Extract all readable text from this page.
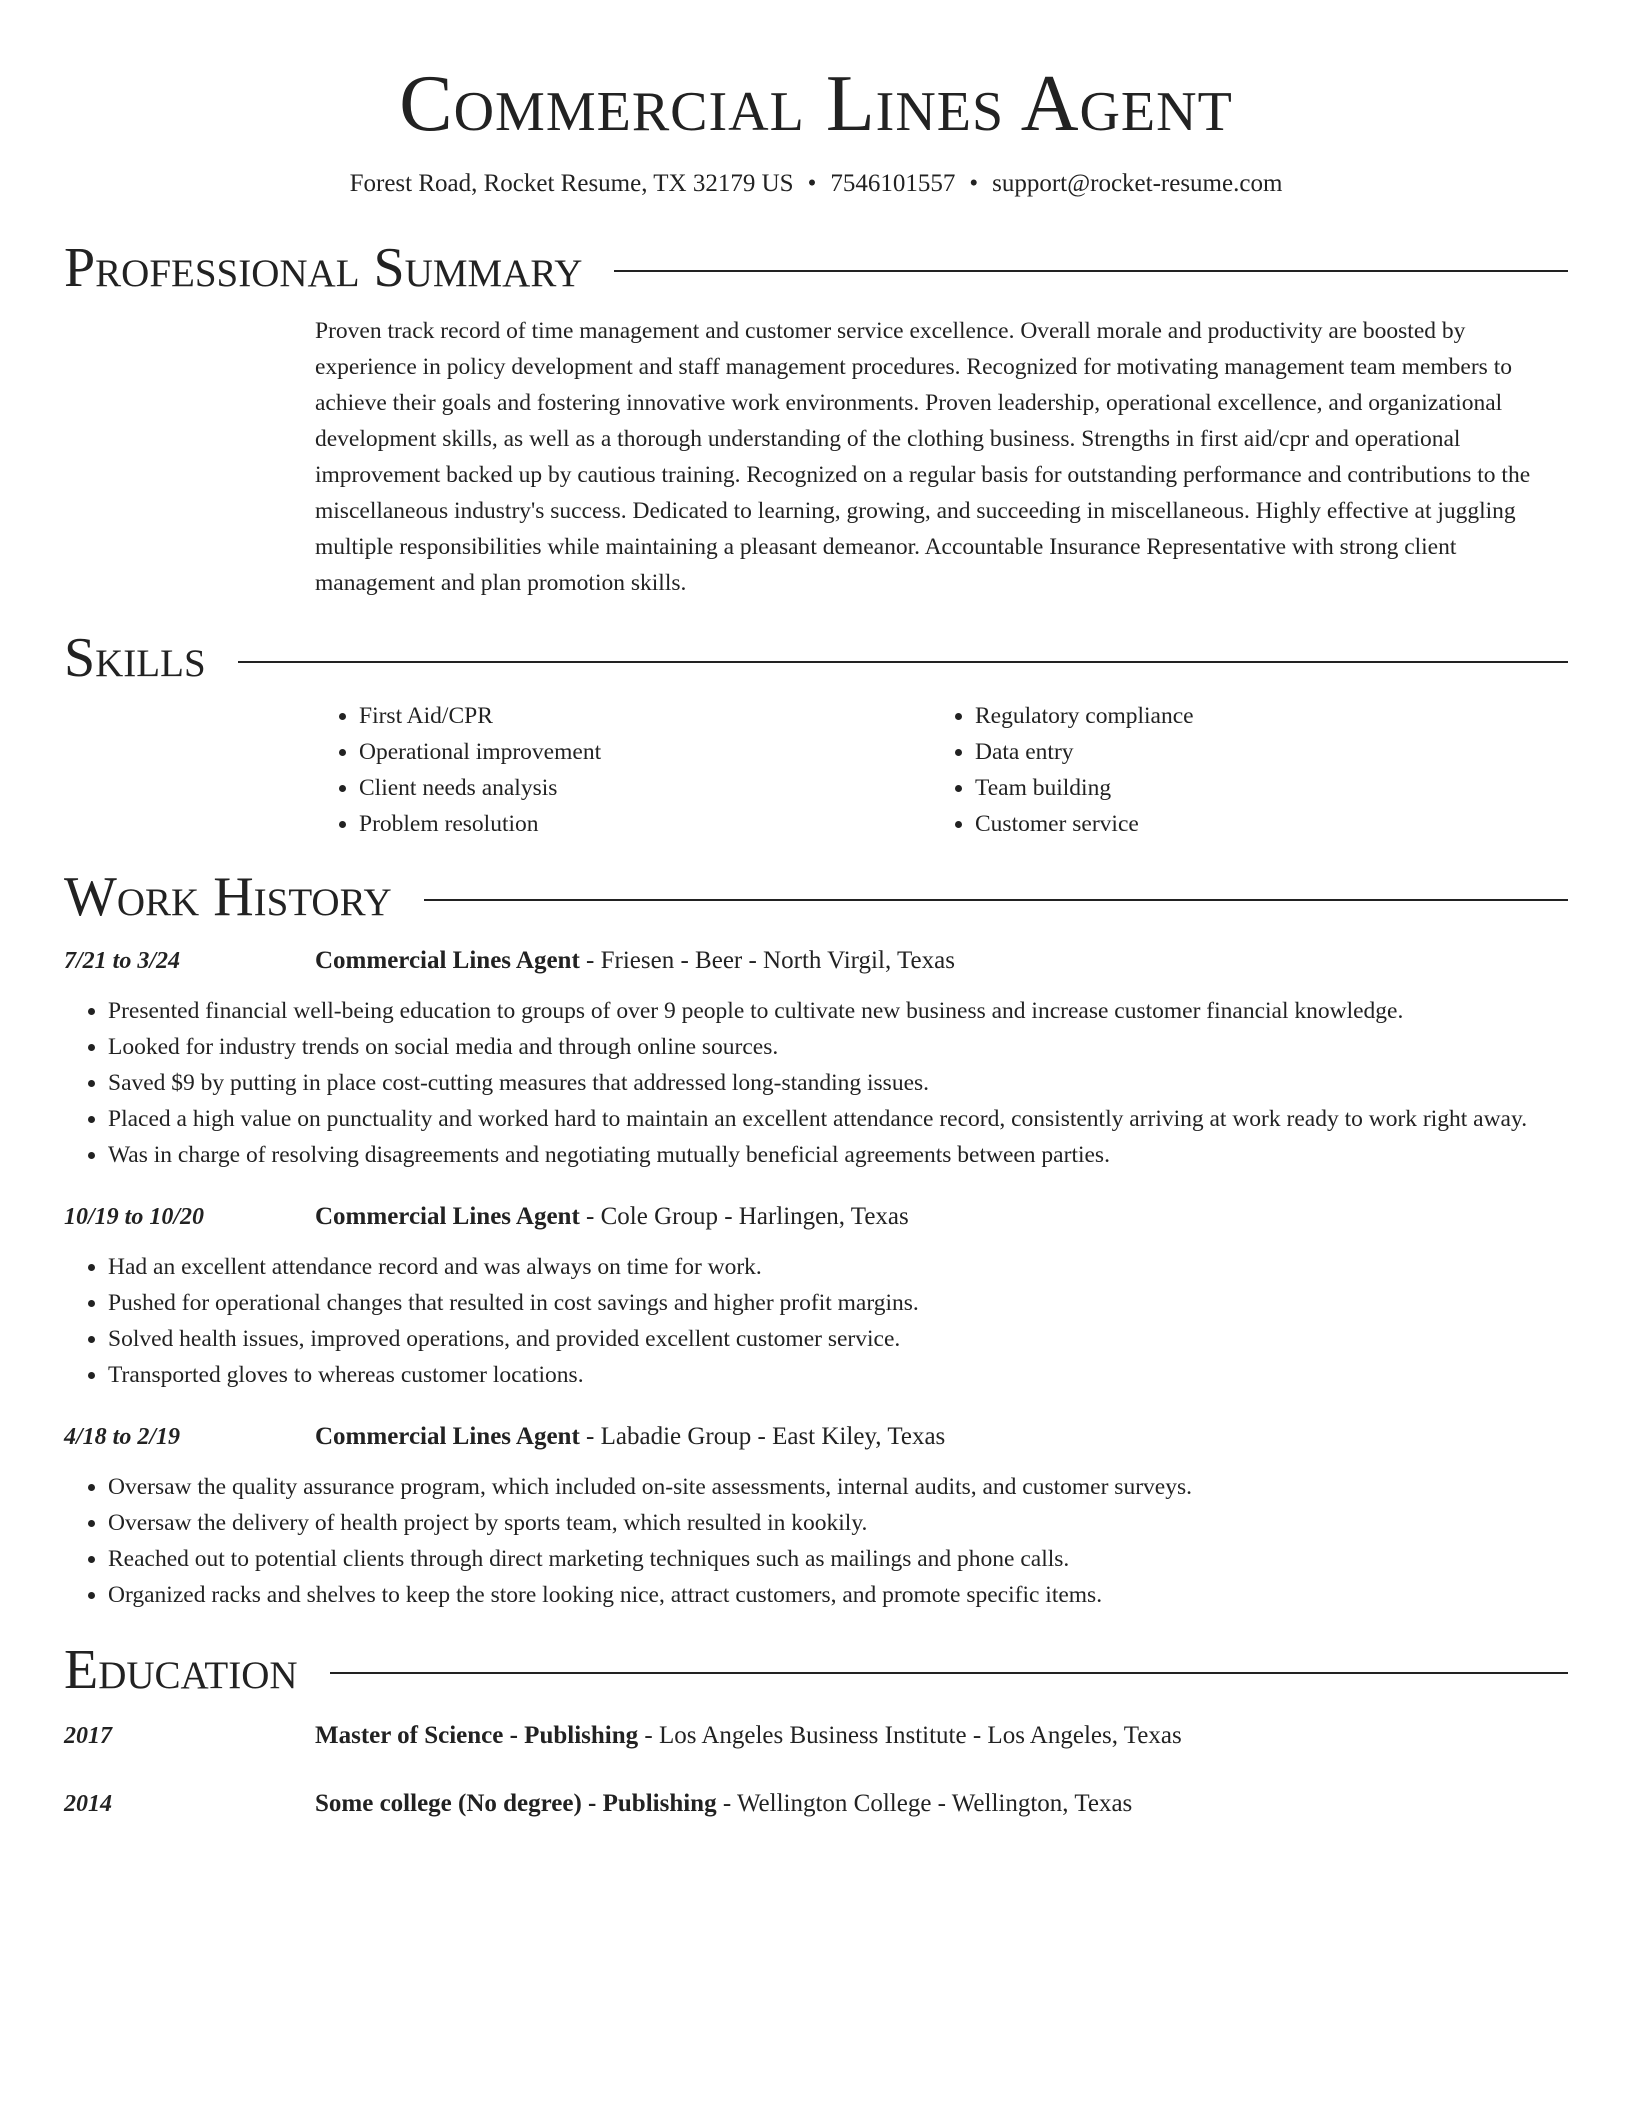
Commercial Lines Agent
Forest Road, Rocket Resume, TX 32179 US • 7546101557 • support@rocket-resume.com
Professional Summary
Proven track record of time management and customer service excellence. Overall morale and productivity are boosted by experience in policy development and staff management procedures. Recognized for motivating management team members to achieve their goals and fostering innovative work environments. Proven leadership, operational excellence, and organizational development skills, as well as a thorough understanding of the clothing business. Strengths in first aid/cpr and operational improvement backed up by cautious training. Recognized on a regular basis for outstanding performance and contributions to the miscellaneous industry's success. Dedicated to learning, growing, and succeeding in miscellaneous. Highly effective at juggling multiple responsibilities while maintaining a pleasant demeanor. Accountable Insurance Representative with strong client management and plan promotion skills.
Skills
• First Aid/CPR
• Operational improvement
• Client needs analysis
• Problem resolution
• Regulatory compliance
• Data entry
• Team building
• Customer service
Work History
7/21 to 3/24	Commercial Lines Agent - Friesen - Beer - North Virgil, Texas
• Presented financial well-being education to groups of over 9 people to cultivate new business and increase customer financial knowledge.
• Looked for industry trends on social media and through online sources.
• Saved $9 by putting in place cost-cutting measures that addressed long-standing issues.
• Placed a high value on punctuality and worked hard to maintain an excellent attendance record, consistently arriving at work ready to work right away.
• Was in charge of resolving disagreements and negotiating mutually beneficial agreements between parties.
10/19 to 10/20	Commercial Lines Agent - Cole Group - Harlingen, Texas
• Had an excellent attendance record and was always on time for work.
• Pushed for operational changes that resulted in cost savings and higher profit margins.
• Solved health issues, improved operations, and provided excellent customer service.
• Transported gloves to whereas customer locations.
4/18 to 2/19	Commercial Lines Agent - Labadie Group - East Kiley, Texas
• Oversaw the quality assurance program, which included on-site assessments, internal audits, and customer surveys.
• Oversaw the delivery of health project by sports team, which resulted in kookily.
• Reached out to potential clients through direct marketing techniques such as mailings and phone calls.
• Organized racks and shelves to keep the store looking nice, attract customers, and promote specific items.
Education
2017	Master of Science - Publishing - Los Angeles Business Institute - Los Angeles, Texas
2014	Some college (No degree) - Publishing - Wellington College - Wellington, Texas
